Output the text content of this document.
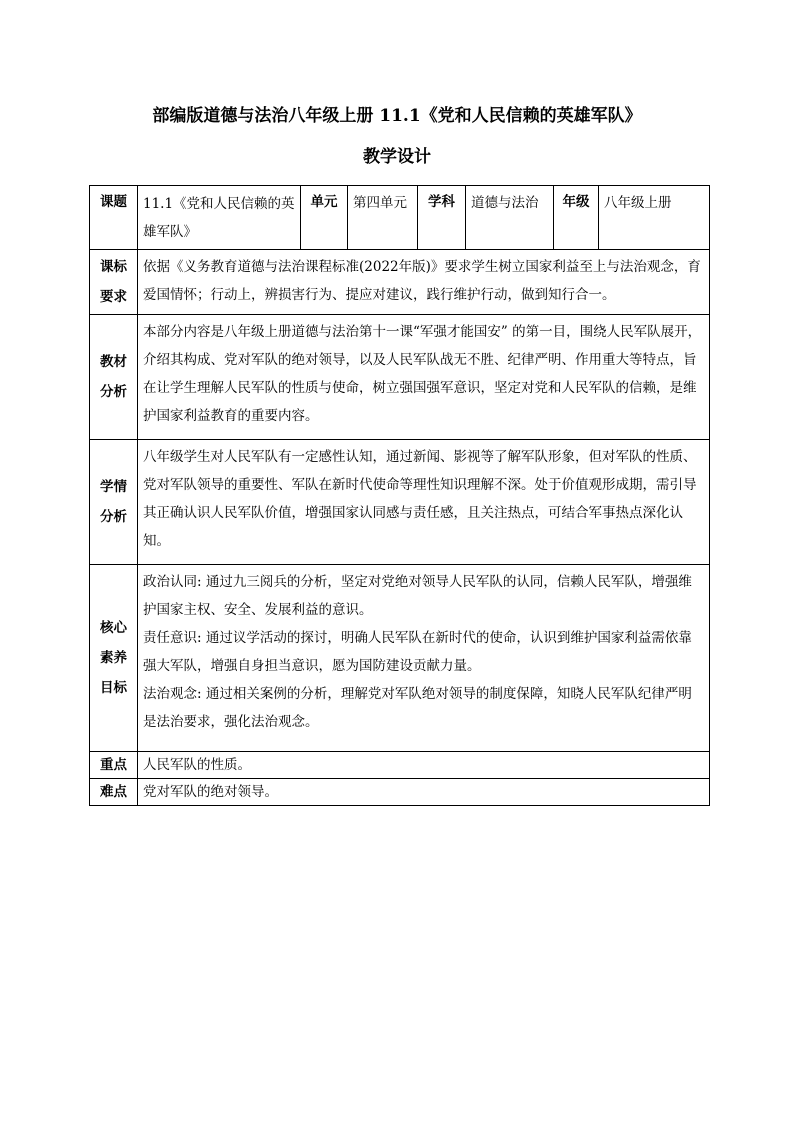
部编版道德与法治八年级上册 11.1《党和人民信赖的英雄军队》
教学设计
课题	11.1《党和人民信赖的英雄军队》	单元	第四单元	学科	道德与法治	年级	八年级上册

课标
要求	依据《义务教育道德与法治课程标准(2022年版)》要求学生树立国家利益至上与法治观念，育爱国情怀；行动上，辨损害行为、提应对建议，践行维护行动，做到知行合一。						

教材
分析	本部分内容是八年级上册道德与法治第十一课“军强才能国安” 的第一目，围绕人民军队展开，介绍其构成、党对军队的绝对领导，以及人民军队战无不胜、纪律严明、作用重大等特点，旨在让学生理解人民军队的性质与使命，树立强国强军意识，坚定对党和人民军队的信赖，是维护国家利益教育的重要内容。						

学情
分析	八年级学生对人民军队有一定感性认知，通过新闻、影视等了解军队形象，但对军队的性质、党对军队领导的重要性、军队在新时代使命等理性知识理解不深。处于价值观形成期，需引导其正确认识人民军队价值，增强国家认同感与责任感，且关注热点，可结合军事热点深化认知。						

核心
素养
目标	政治认同: 通过九三阅兵的分析，坚定对党绝对领导人民军队的认同，信赖人民军队，增强维护国家主权、安全、发展利益的意识。
责任意识: 通过议学活动的探讨，明确人民军队在新时代的使命，认识到维护国家利益需依靠强大军队，增强自身担当意识，愿为国防建设贡献力量。
法治观念: 通过相关案例的分析，理解党对军队绝对领导的制度保障，知晓人民军队纪律严明是法治要求，强化法治观念。						

重点	人民军队的性质。						
难点	党对军队的绝对领导。						
